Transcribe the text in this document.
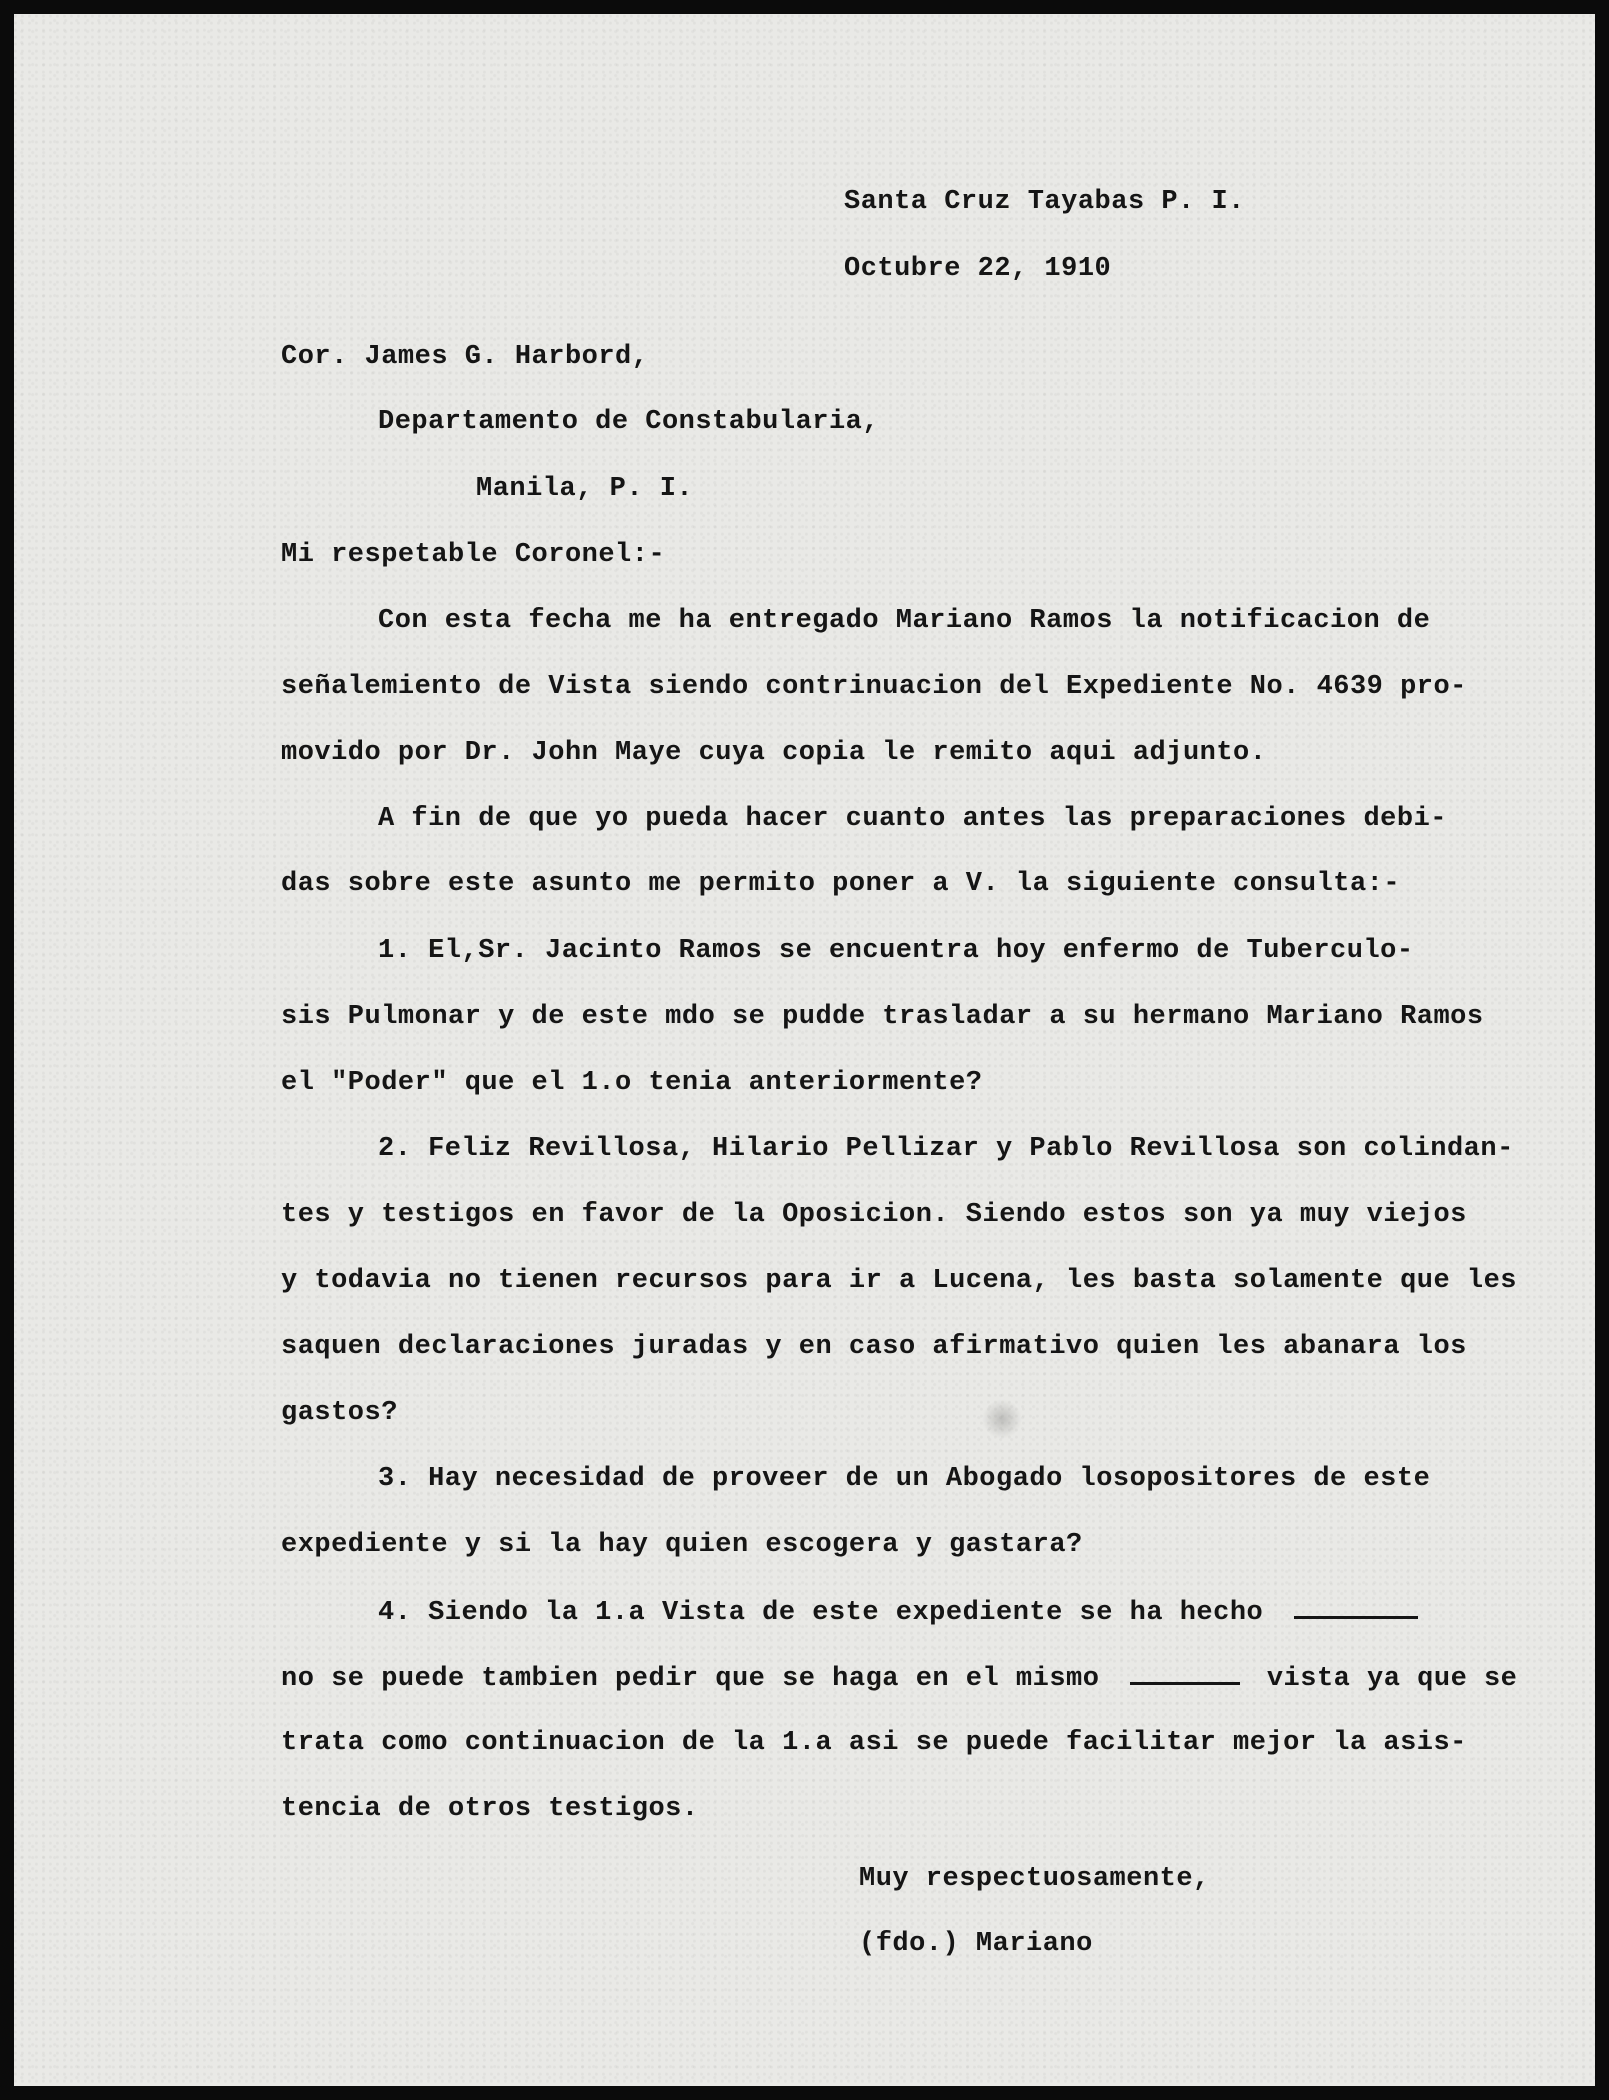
Santa Cruz Tayabas P. I.
Octubre 22, 1910
Cor. James G. Harbord,
Departamento de Constabularia,
Manila, P. I.
Mi respetable Coronel:-
Con esta fecha me ha entregado Mariano Ramos la notificacion de
señalemiento de Vista siendo contrinuacion del Expediente No. 4639 pro-
movido por Dr. John Maye cuya copia le remito aqui adjunto.
A fin de que yo pueda hacer cuanto antes las preparaciones debi-
das sobre este asunto me permito poner a V. la siguiente consulta:-
1. El,Sr. Jacinto Ramos se encuentra hoy enfermo de Tuberculo-
sis Pulmonar y de este mdo se pudde trasladar a su hermano Mariano Ramos
el "Poder" que el 1.o tenia anteriormente?
2. Feliz Revillosa, Hilario Pellizar y Pablo Revillosa son colindan-
tes y testigos en favor de la Oposicion. Siendo estos son ya muy viejos
y todavia no tienen recursos para ir a Lucena, les basta solamente que les
saquen declaraciones juradas y en caso afirmativo quien les abanara los
gastos?
3. Hay necesidad de proveer de un Abogado losopositores de este
expediente y si la hay quien escogera y gastara?
4. Siendo la 1.a Vista de este expediente se ha hecho
no se puede tambien pedir que se haga en el mismo	vista ya que se
trata como continuacion de la 1.a asi se puede facilitar mejor la asis-
tencia de otros testigos.
Muy respectuosamente,
(fdo.) Mariano
